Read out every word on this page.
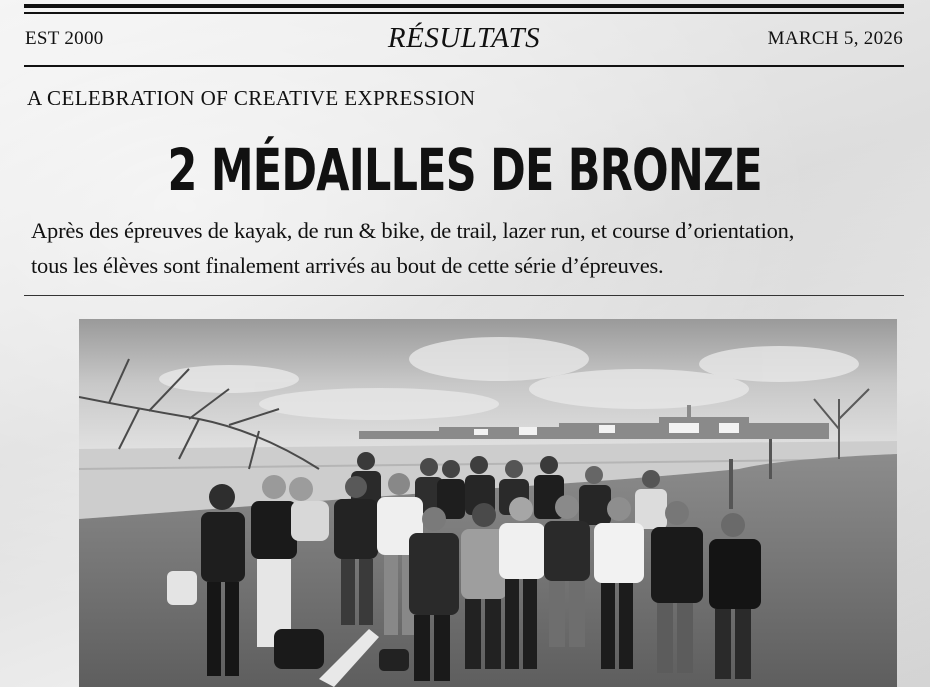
EST 2000	RÉSULTATS	MARCH 5, 2026
A CELEBRATION OF CREATIVE EXPRESSION
2 MÉDAILLES DE BRONZE
Après des épreuves de kayak, de run & bike, de trail, lazer run, et course d’orientation,
tous les élèves sont finalement arrivés au bout de cette série d’épreuves.
